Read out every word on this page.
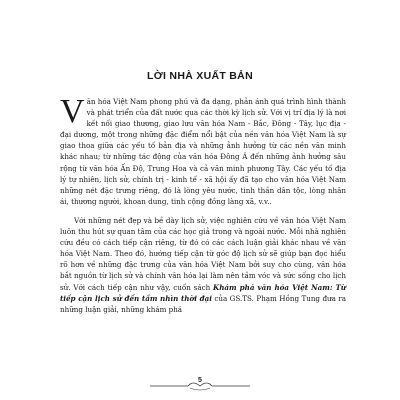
LỜI NHÀ XUẤT BẢN

Văn hóa Việt Nam phong phú và đa dạng, phản ánh quá trình hình thành và phát triển của đất nước qua các thời kỳ lịch sử. Với vị trí địa lý là nơi kết nối giao thương, giao lưu văn hóa Nam - Bắc, Đông - Tây, lục địa - đại dương, một trong những đặc điểm nổi bật của nền văn hóa Việt Nam là sự giao thoa giữa các yếu tố bản địa và những ảnh hưởng từ các nền văn minh khác nhau; từ những tác động của văn hóa Đông Á đến những ảnh hưởng sâu rộng từ văn hóa Ấn Độ, Trung Hoa và cả văn minh phương Tây. Các yếu tố địa lý tự nhiên, lịch sử, chính trị - kinh tế - xã hội ấy đã tạo cho văn hóa Việt Nam những nét đặc trưng riêng, đó là lòng yêu nước, tinh thần dân tộc, lòng nhân ái, thương người, khoan dung, tinh cộng đồng làng xã, v.v..

Với những nét đẹp và bề dày lịch sử, việc nghiên cứu về văn hóa Việt Nam luôn thu hút sự quan tâm của các học giả trong và ngoài nước. Mỗi nhà nghiên cứu đều có cách tiếp cận riêng, từ đó có các cách luận giải khác nhau về văn hóa Việt Nam. Theo đó, hướng tiếp cận từ góc độ lịch sử sẽ giúp bạn đọc hiểu rõ hơn về những đặc trưng của văn hóa Việt Nam bởi suy cho cùng, văn hóa bắt nguồn từ lịch sử và chính văn hóa lại làm nên tầm vóc và sức sống cho lịch sử. Với cách tiếp cận như vậy, cuốn sách Khám phá văn hóa Việt Nam: Từ tiếp cận lịch sử đến tầm nhìn thời đại của GS.TS. Phạm Hồng Tung đưa ra những luận giải, những khám phá

5
